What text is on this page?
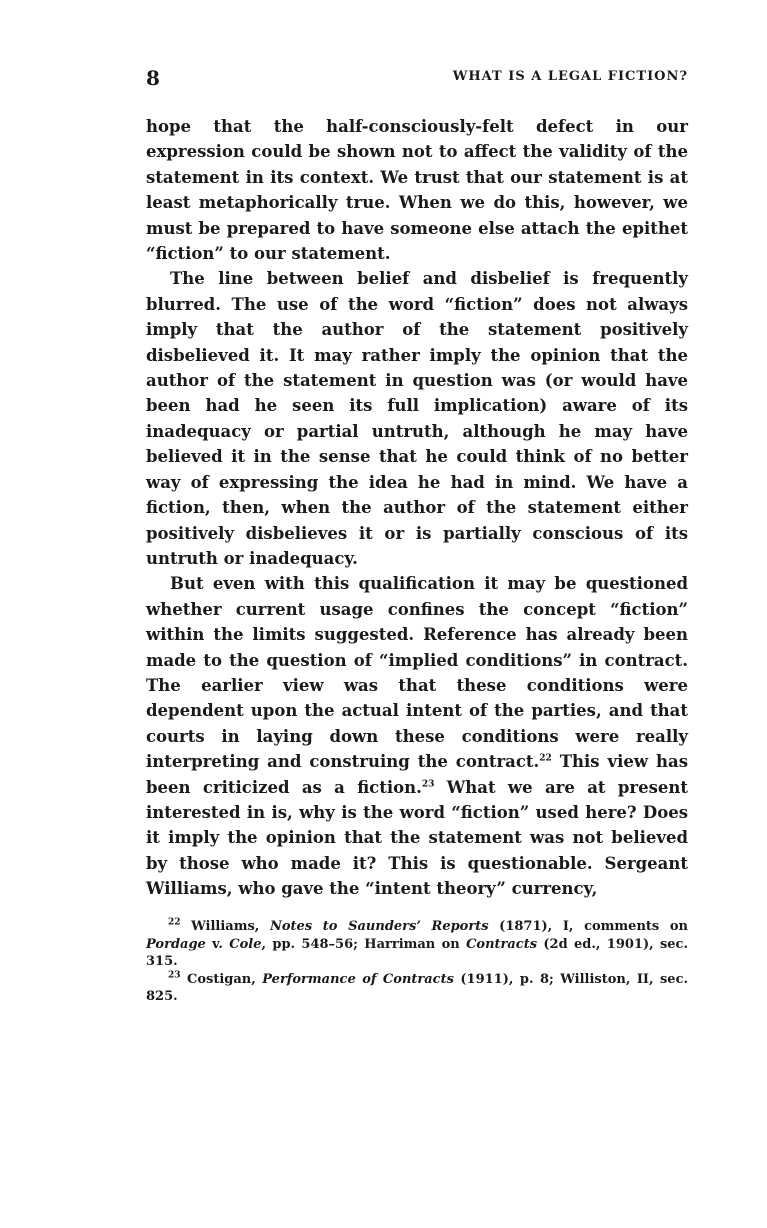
8	WHAT IS A LEGAL FICTION?

hope that the half-consciously-felt defect in our expression could be shown not to affect the validity of the statement in its context. We trust that our statement is at least metaphorically true. When we do this, however, we must be prepared to have someone else attach the epithet “fiction” to our statement.

The line between belief and disbelief is frequently blurred. The use of the word “fiction” does not always imply that the author of the statement positively disbelieved it. It may rather imply the opinion that the author of the statement in question was (or would have been had he seen its full implication) aware of its inadequacy or partial untruth, although he may have believed it in the sense that he could think of no better way of expressing the idea he had in mind. We have a fiction, then, when the author of the statement either positively disbelieves it or is partially conscious of its untruth or inadequacy.

But even with this qualification it may be questioned whether current usage confines the concept “fiction” within the limits suggested. Reference has already been made to the question of “implied conditions” in contract. The earlier view was that these conditions were dependent upon the actual intent of the parties, and that courts in laying down these conditions were really interpreting and construing the contract.$^{22}$ This view has been criticized as a fiction.$^{23}$ What we are at present interested in is, why is the word “fiction” used here? Does it imply the opinion that the statement was not believed by those who made it? This is questionable. Sergeant Williams, who gave the “intent theory” currency,

$^{22}$ Williams, Notes to Saunders’ Reports (1871), I, comments on Pordage v. Cole, pp. 548–56; Harriman on Contracts (2d ed., 1901), sec. 315.

$^{23}$ Costigan, Performance of Contracts (1911), p. 8; Williston, II, sec. 825.
